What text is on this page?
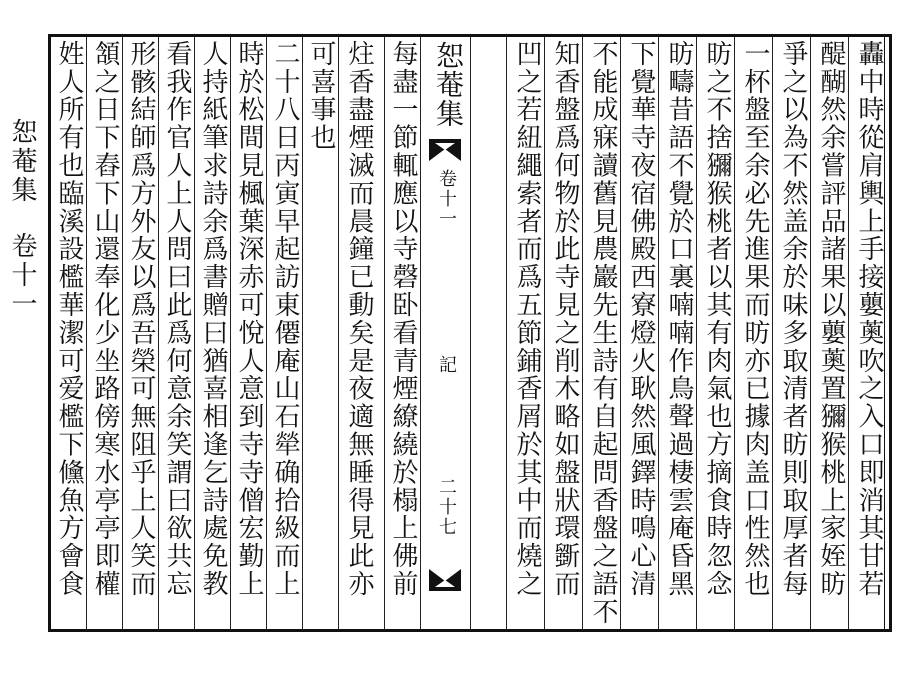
恕菴集
卷十一	轟中時從肩輿上手接蘡薁吹之入口即消其甘若
醍醐然余嘗評品諸果以蘡薁置獼猴桃上家姪昉
爭之以為不然盖余於味多取清者昉則取厚者每
一杯盤至余必先進果而昉亦已據肉盖口性然也
昉之不捨獼猴桃者以其有肉氣也方摘食時忽念
昉疇昔語不覺於口裏喃喃作鳥聲過棲雲庵昏黑
下覺華寺夜宿佛殿西寮燈火耿然風鐸時鳴心清
不能成寐讀舊見農巖先生詩有自起問香盤之語不
知香盤爲何物於此寺見之削木略如盤狀環斵而
凹之若紐繩索者而爲五節鋪香屑於其中而燒之
恕菴集
卷十一
記
二十七
每盡一節輒應以寺磬卧看青煙繚繞於榻上佛前
炷香盡煙滅而晨鐘已動矣是夜適無睡得見此亦
可喜事也
二十八日丙寅早起訪東僊庵山石犖确拾級而上
時於松間見楓葉深赤可悅人意到寺寺僧宏勤上
人持紙筆求詩余爲書贈曰猶喜相逢乞詩處免教
看我作官人上人問曰此爲何意余笑謂曰欲共忘
形骸結師爲方外友以爲吾榮可無阻乎上人笑而
頷之日下舂下山還奉化少坐路傍寒水亭亭即權
姓人所有也臨溪設檻華潔可爱檻下儵魚方會食
